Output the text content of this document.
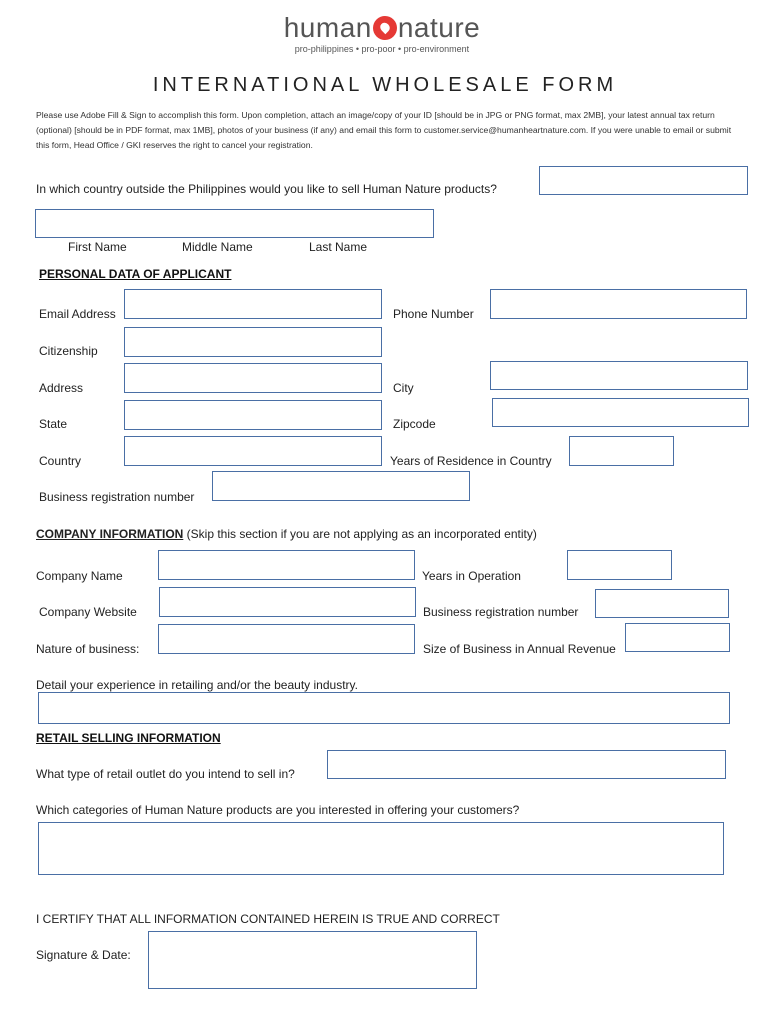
human nature
pro-philippines • pro-poor • pro-environment
INTERNATIONAL WHOLESALE FORM
Please use Adobe Fill & Sign to accomplish this form. Upon completion, attach an image/copy of your ID [should be in JPG or PNG format, max 2MB], your latest annual tax return (optional) [should be in PDF format, max 1MB], photos of your business (if any) and email this form to customer.service@humanheartnature.com. If you were unable to email or submit this form, Head Office / GKI reserves the right to cancel your registration.
In which country outside the Philippines would you like to sell Human Nature products?
First Name	Middle Name	Last Name
PERSONAL DATA OF APPLICANT
Email Address	Phone Number
Citizenship
Address	City
State	Zipcode
Country	Years of Residence in Country
Business registration number
COMPANY INFORMATION (Skip this section if you are not applying as an incorporated entity)
Company Name	Years in Operation
Company Website	Business registration number
Nature of business:	Size of Business in Annual Revenue
Detail your experience in retailing and/or the beauty industry.
RETAIL SELLING INFORMATION
What type of retail outlet do you intend to sell in?
Which categories of Human Nature products are you interested in offering your customers?
I CERTIFY THAT ALL INFORMATION CONTAINED HEREIN IS TRUE AND CORRECT
Signature & Date:
